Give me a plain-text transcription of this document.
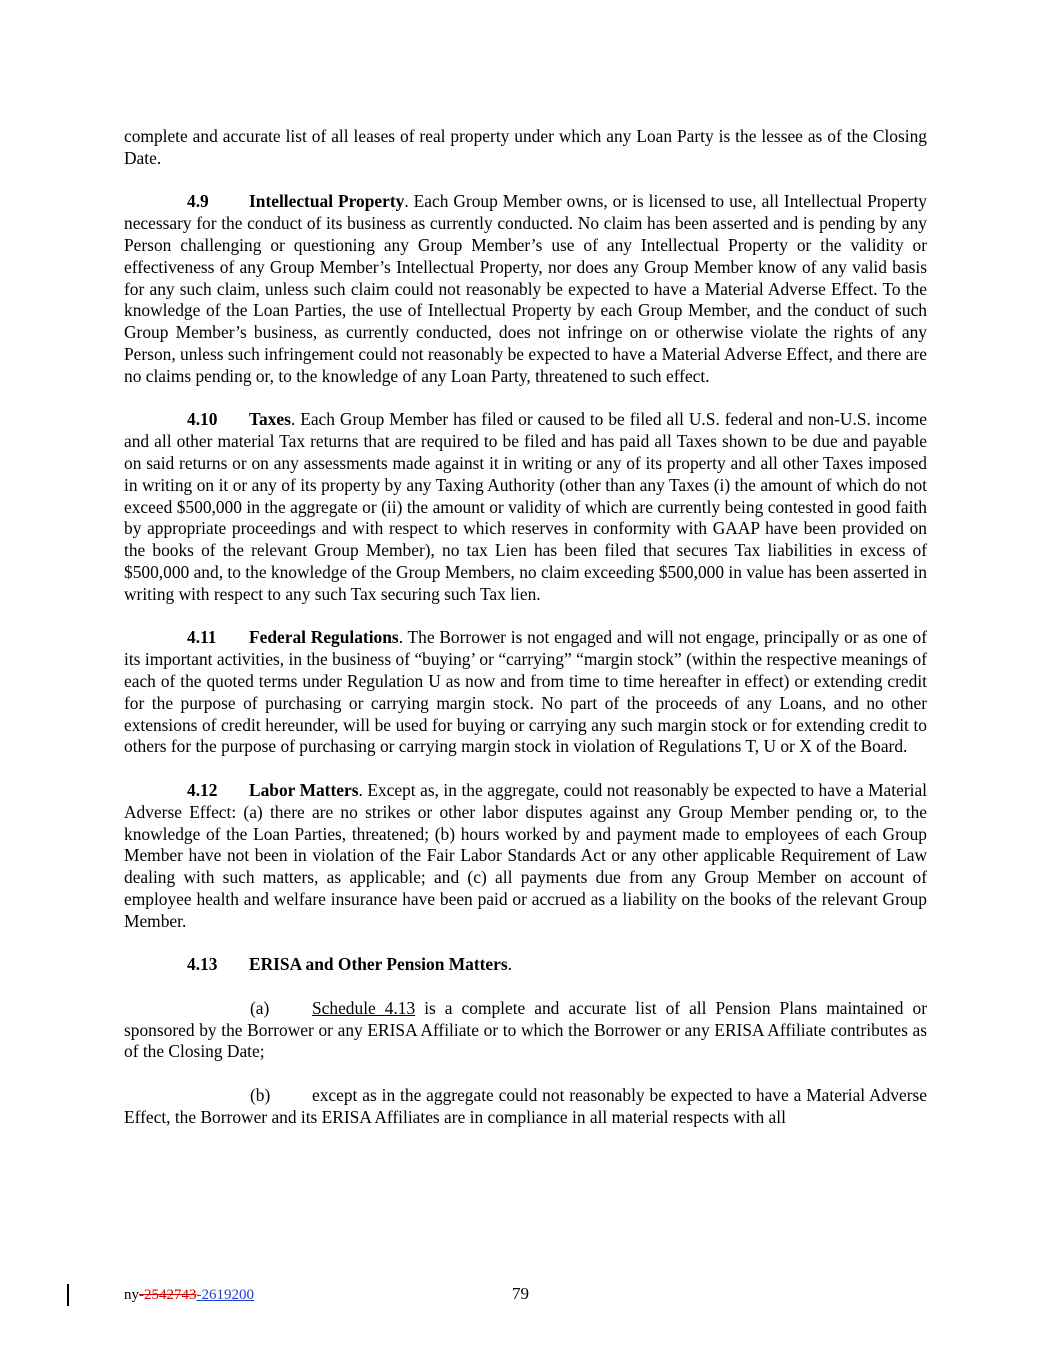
complete and accurate list of all leases of real property under which any Loan Party is the lessee as of the Closing Date.

4.9 Intellectual Property. Each Group Member owns, or is licensed to use, all Intellectual Property necessary for the conduct of its business as currently conducted. No claim has been asserted and is pending by any Person challenging or questioning any Group Member’s use of any Intellectual Property or the validity or effectiveness of any Group Member’s Intellectual Property, nor does any Group Member know of any valid basis for any such claim, unless such claim could not reasonably be expected to have a Material Adverse Effect. To the knowledge of the Loan Parties, the use of Intellectual Property by each Group Member, and the conduct of such Group Member’s business, as currently conducted, does not infringe on or otherwise violate the rights of any Person, unless such infringement could not reasonably be expected to have a Material Adverse Effect, and there are no claims pending or, to the knowledge of any Loan Party, threatened to such effect.

4.10 Taxes. Each Group Member has filed or caused to be filed all U.S. federal and non-U.S. income and all other material Tax returns that are required to be filed and has paid all Taxes shown to be due and payable on said returns or on any assessments made against it in writing or any of its property and all other Taxes imposed in writing on it or any of its property by any Taxing Authority (other than any Taxes (i) the amount of which do not exceed $500,000 in the aggregate or (ii) the amount or validity of which are currently being contested in good faith by appropriate proceedings and with respect to which reserves in conformity with GAAP have been provided on the books of the relevant Group Member), no tax Lien has been filed that secures Tax liabilities in excess of $500,000 and, to the knowledge of the Group Members, no claim exceeding $500,000 in value has been asserted in writing with respect to any such Tax securing such Tax lien.

4.11 Federal Regulations. The Borrower is not engaged and will not engage, principally or as one of its important activities, in the business of “buying’ or “carrying” “margin stock” (within the respective meanings of each of the quoted terms under Regulation U as now and from time to time hereafter in effect) or extending credit for the purpose of purchasing or carrying margin stock. No part of the proceeds of any Loans, and no other extensions of credit hereunder, will be used for buying or carrying any such margin stock or for extending credit to others for the purpose of purchasing or carrying margin stock in violation of Regulations T, U or X of the Board.

4.12 Labor Matters. Except as, in the aggregate, could not reasonably be expected to have a Material Adverse Effect: (a) there are no strikes or other labor disputes against any Group Member pending or, to the knowledge of the Loan Parties, threatened; (b) hours worked by and payment made to employees of each Group Member have not been in violation of the Fair Labor Standards Act or any other applicable Requirement of Law dealing with such matters, as applicable; and (c) all payments due from any Group Member on account of employee health and welfare insurance have been paid or accrued as a liability on the books of the relevant Group Member.

4.13 ERISA and Other Pension Matters.

(a) Schedule 4.13 is a complete and accurate list of all Pension Plans maintained or sponsored by the Borrower or any ERISA Affiliate or to which the Borrower or any ERISA Affiliate contributes as of the Closing Date;

(b) except as in the aggregate could not reasonably be expected to have a Material Adverse Effect, the Borrower and its ERISA Affiliates are in compliance in all material respects with all

ny-2542743-2619200	79
